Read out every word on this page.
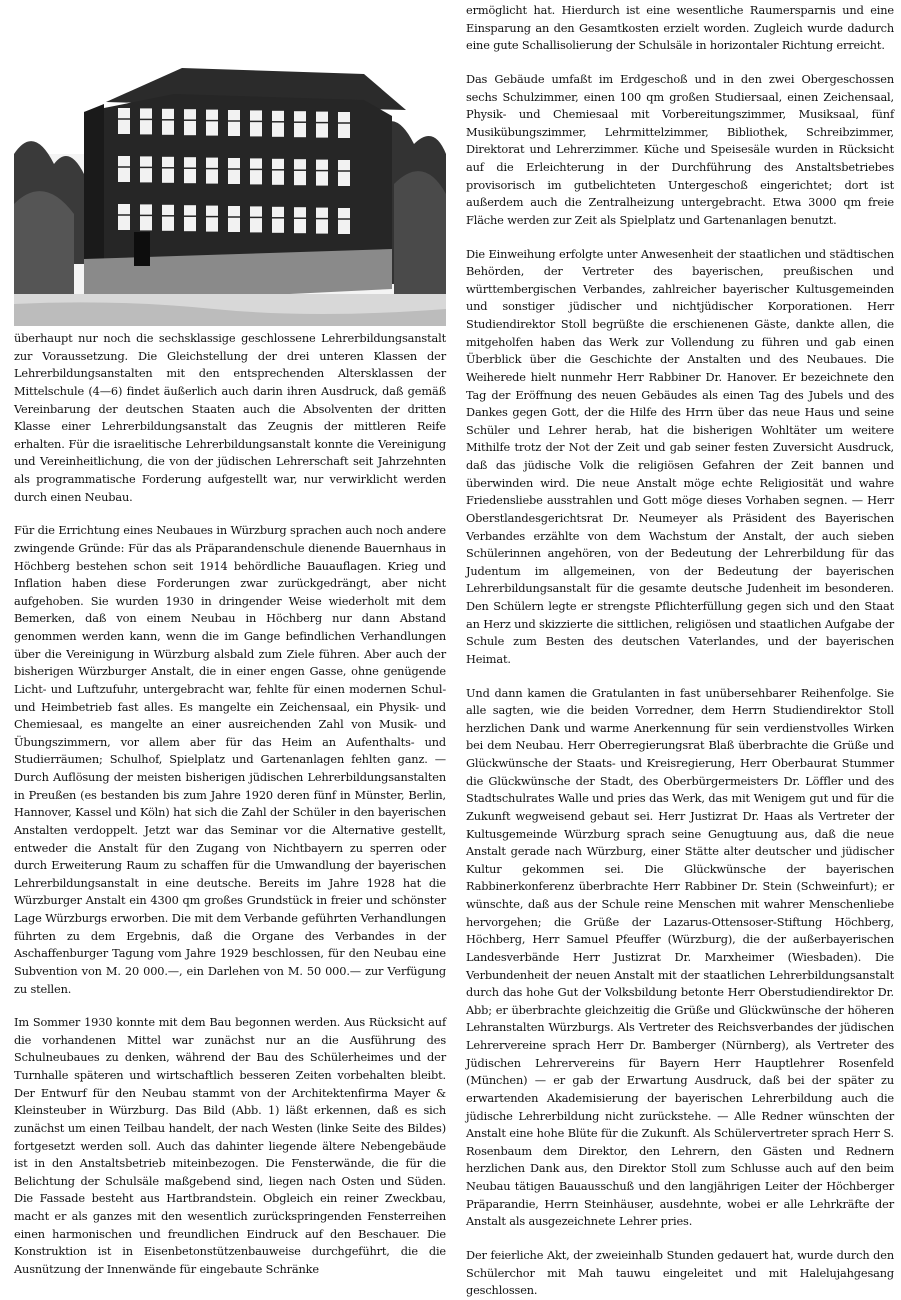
überhaupt nur noch die sechsklassige geschlossene Lehrerbildungsanstalt zur Voraussetzung. Die Gleichstellung der drei unteren Klassen der Lehrerbildungsanstalten mit den entsprechenden Altersklassen der Mittelschule (4—6) findet äußerlich auch darin ihren Ausdruck, daß gemäß Vereinbarung der deutschen Staaten auch die Absolventen der dritten Klasse einer Lehrerbildungsanstalt das Zeugnis der mittleren Reife erhalten. Für die israelitische Lehrerbildungsanstalt konnte die Vereinigung und Vereinheitlichung, die von der jüdischen Lehrerschaft seit Jahrzehnten als programmatische Forderung aufgestellt war, nur verwirklicht werden durch einen Neubau.

Für die Errichtung eines Neubaues in Würzburg sprachen auch noch andere zwingende Gründe: Für das als Präparandenschule dienende Bauernhaus in Höchberg bestehen schon seit 1914 behördliche Bauauflagen. Krieg und Inflation haben diese Forderungen zwar zurückgedrängt, aber nicht aufgehoben. Sie wurden 1930 in dringender Weise wiederholt mit dem Bemerken, daß von einem Neubau in Höchberg nur dann Abstand genommen werden kann, wenn die im Gange befindlichen Verhandlungen über die Vereinigung in Würzburg alsbald zum Ziele führen. Aber auch der bisherigen Würzburger Anstalt, die in einer engen Gasse, ohne genügende Licht- und Luftzufuhr, untergebracht war, fehlte für einen modernen Schul- und Heimbetrieb fast alles. Es mangelte ein Zeichensaal, ein Physik- und Chemiesaal, es mangelte an einer ausreichenden Zahl von Musik- und Übungszimmern, vor allem aber für das Heim an Aufenthalts- und Studierräumen; Schulhof, Spielplatz und Gartenanlagen fehlten ganz. — Durch Auflösung der meisten bisherigen jüdischen Lehrerbildungsanstalten in Preußen (es bestanden bis zum Jahre 1920 deren fünf in Münster, Berlin, Hannover, Kassel und Köln) hat sich die Zahl der Schüler in den bayerischen Anstalten verdoppelt. Jetzt war das Seminar vor die Alternative gestellt, entweder die Anstalt für den Zugang von Nichtbayern zu sperren oder durch Erweiterung Raum zu schaffen für die Umwandlung der bayerischen Lehrerbildungsanstalt in eine deutsche. Bereits im Jahre 1928 hat die Würzburger Anstalt ein 4300 qm großes Grundstück in freier und schönster Lage Würzburgs erworben. Die mit dem Verbande geführten Verhandlungen führten zu dem Ergebnis, daß die Organe des Verbandes in der Aschaffenburger Tagung vom Jahre 1929 beschlossen, für den Neubau eine Subvention von M. 20 000.—, ein Darlehen von M. 50 000.— zur Verfügung zu stellen.

Im Sommer 1930 konnte mit dem Bau begonnen werden. Aus Rücksicht auf die vorhandenen Mittel war zunächst nur an die Ausführung des Schulneubaues zu denken, während der Bau des Schülerheimes und der Turnhalle späteren und wirtschaftlich besseren Zeiten vorbehalten bleibt. Der Entwurf für den Neubau stammt von der Architektenfirma Mayer & Kleinsteuber in Würzburg. Das Bild (Abb. 1) läßt erkennen, daß es sich zunächst um einen Teilbau handelt, der nach Westen (linke Seite des Bildes) fortgesetzt werden soll. Auch das dahinter liegende ältere Nebengebäude ist in den Anstaltsbetrieb miteinbezogen. Die Fensterwände, die für die Belichtung der Schulsäle maßgebend sind, liegen nach Osten und Süden. Die Fassade besteht aus Hartbrandstein. Obgleich ein reiner Zweckbau, macht er als ganzes mit den wesentlich zurückspringenden Fensterreihen einen harmonischen und freundlichen Eindruck auf den Beschauer. Die Konstruktion ist in Eisenbetonstützenbauweise durchgeführt, die die Ausnützung der Innenwände für eingebaute Schränke

ermöglicht hat. Hierdurch ist eine wesentliche Raumersparnis und eine Einsparung an den Gesamtkosten erzielt worden. Zugleich wurde dadurch eine gute Schallisolierung der Schulsäle in horizontaler Richtung erreicht.

Das Gebäude umfaßt im Erdgeschoß und in den zwei Obergeschossen sechs Schulzimmer, einen 100 qm großen Studiersaal, einen Zeichensaal, Physik- und Chemiesaal mit Vorbereitungszimmer, Musiksaal, fünf Musikübungszimmer, Lehrmittelzimmer, Bibliothek, Schreibzimmer, Direktorat und Lehrerzimmer. Küche und Speisesäle wurden in Rücksicht auf die Erleichterung in der Durchführung des Anstaltsbetriebes provisorisch im gutbelichteten Untergeschoß eingerichtet; dort ist außerdem auch die Zentralheizung untergebracht. Etwa 3000 qm freie Fläche werden zur Zeit als Spielplatz und Gartenanlagen benutzt.

Die Einweihung erfolgte unter Anwesenheit der staatlichen und städtischen Behörden, der Vertreter des bayerischen, preußischen und württembergischen Verbandes, zahlreicher bayerischer Kultusgemeinden und sonstiger jüdischer und nichtjüdischer Korporationen. Herr Studiendirektor Stoll begrüßte die erschienenen Gäste, dankte allen, die mitgeholfen haben das Werk zur Vollendung zu führen und gab einen Überblick über die Geschichte der Anstalten und des Neubaues. Die Weiherede hielt nunmehr Herr Rabbiner Dr. Hanover. Er bezeichnete den Tag der Eröffnung des neuen Gebäudes als einen Tag des Jubels und des Dankes gegen Gott, der die Hilfe des Hrrn über das neue Haus und seine Schüler und Lehrer herab, hat die bisherigen Wohltäter um weitere Mithilfe trotz der Not der Zeit und gab seiner festen Zuversicht Ausdruck, daß das jüdische Volk die religiösen Gefahren der Zeit bannen und überwinden wird. Die neue Anstalt möge echte Religiosität und wahre Friedensliebe ausstrahlen und Gott möge dieses Vorhaben segnen. — Herr Oberstlandesgerichtsrat Dr. Neumeyer als Präsident des Bayerischen Verbandes erzählte von dem Wachstum der Anstalt, der auch sieben Schülerinnen angehören, von der Bedeutung der Lehrerbildung für das Judentum im allgemeinen, von der Bedeutung der bayerischen Lehrerbildungsanstalt für die gesamte deutsche Judenheit im besonderen. Den Schülern legte er strengste Pflichterfüllung gegen sich und den Staat an Herz und skizzierte die sittlichen, religiösen und staatlichen Aufgabe der Schule zum Besten des deutschen Vaterlandes, und der bayerischen Heimat.

Und dann kamen die Gratulanten in fast unübersehbarer Reihenfolge. Sie alle sagten, wie die beiden Vorredner, dem Herrn Studiendirektor Stoll herzlichen Dank und warme Anerkennung für sein verdienstvolles Wirken bei dem Neubau. Herr Oberregierungsrat Blaß überbrachte die Grüße und Glückwünsche der Staats- und Kreisregierung, Herr Oberbaurat Stummer die Glückwünsche der Stadt, des Oberbürgermeisters Dr. Löffler und des Stadtschulrates Walle und pries das Werk, das mit Wenigem gut und für die Zukunft wegweisend gebaut sei. Herr Justizrat Dr. Haas als Vertreter der Kultusgemeinde Würzburg sprach seine Genugtuung aus, daß die neue Anstalt gerade nach Würzburg, einer Stätte alter deutscher und jüdischer Kultur gekommen sei. Die Glückwünsche der bayerischen Rabbinerkonferenz überbrachte Herr Rabbiner Dr. Stein (Schweinfurt); er wünschte, daß aus der Schule reine Menschen mit wahrer Menschenliebe hervorgehen; die Grüße der Lazarus-Ottensoser-Stiftung Höchberg, Höchberg, Herr Samuel Pfeuffer (Würzburg), die der außerbayerischen Landesverbände Herr Justizrat Dr. Marxheimer (Wiesbaden). Die Verbundenheit der neuen Anstalt mit der staatlichen Lehrerbildungsanstalt durch das hohe Gut der Volksbildung betonte Herr Oberstudiendirektor Dr. Abb; er überbrachte gleichzeitig die Grüße und Glückwünsche der höheren Lehranstalten Würzburgs. Als Vertreter des Reichsverbandes der jüdischen Lehrervereine sprach Herr Dr. Bamberger (Nürnberg), als Vertreter des Jüdischen Lehrervereins für Bayern Herr Hauptlehrer Rosenfeld (München) — er gab der Erwartung Ausdruck, daß bei der später zu erwartenden Akademisierung der bayerischen Lehrerbildung auch die jüdische Lehrerbildung nicht zurückstehe. — Alle Redner wünschten der Anstalt eine hohe Blüte für die Zukunft. Als Schülervertreter sprach Herr S. Rosenbaum dem Direktor, den Lehrern, den Gästen und Rednern herzlichen Dank aus, den Direktor Stoll zum Schlusse auch auf den beim Neubau tätigen Bauausschuß und den langjährigen Leiter der Höchberger Präparandie, Herrn Steinhäuser, ausdehnte, wobei er alle Lehrkräfte der Anstalt als ausgezeichnete Lehrer pries.

Der feierliche Akt, der zweieinhalb Stunden gedauert hat, wurde durch den Schülerchor mit Mah tauwu eingeleitet und mit Halelujahgesang geschlossen.
